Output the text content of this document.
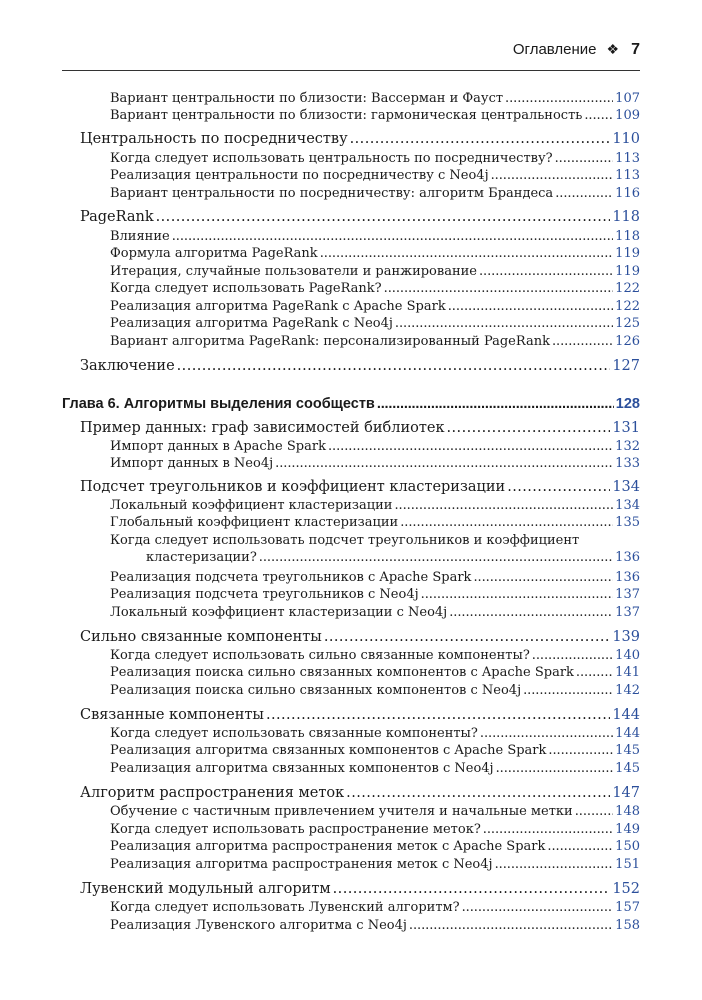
Оглавление ❖ 7
Вариант центральности по близости: Вассерман и Фауст . . .	107
Вариант центральности по близости: гармоническая центральность . . .	109
Центральность по посредничеству . . .	110
Когда следует использовать центральность по посредничеству? . . .	113
Реализация центральности по посредничеству с Neo4j . . .	113
Вариант центральности по посредничеству: алгоритм Брандеса . . .	116
PageRank . . .	118
Влияние . . .	118
Формула алгоритма PageRank . . .	119
Итерация, случайные пользователи и ранжирование . . .	119
Когда следует использовать PageRank? . . .	122
Реализация алгоритма PageRank с Apache Spark . . .	122
Реализация алгоритма PageRank с Neo4j . . .	125
Вариант алгоритма PageRank: персонализированный PageRank . . .	126
Заключение . . .	127
Глава 6. Алгоритмы выделения сообществ . . .	128
Пример данных: граф зависимостей библиотек . . .	131
Импорт данных в Apache Spark . . .	132
Импорт данных в Neo4j . . .	133
Подсчет треугольников и коэффициент кластеризации . . .	134
Локальный коэффициент кластеризации . . .	134
Глобальный коэффициент кластеризации . . .	135
Когда следует использовать подсчет треугольников и коэффициент
кластеризации? . . .	136
Реализация подсчета треугольников с Apache Spark . . .	136
Реализация подсчета треугольников с Neo4j . . .	137
Локальный коэффициент кластеризации с Neo4j . . .	137
Сильно связанные компоненты . . .	139
Когда следует использовать сильно связанные компоненты? . . .	140
Реализация поиска сильно связанных компонентов с Apache Spark . . .	141
Реализация поиска сильно связанных компонентов с Neo4j . . .	142
Связанные компоненты . . .	144
Когда следует использовать связанные компоненты? . . .	144
Реализация алгоритма связанных компонентов с Apache Spark . . .	145
Реализация алгоритма связанных компонентов с Neo4j . . .	145
Алгоритм распространения меток . . .	147
Обучение с частичным привлечением учителя и начальные метки . . .	148
Когда следует использовать распространение меток? . . .	149
Реализация алгоритма распространения меток с Apache Spark . . .	150
Реализация алгоритма распространения меток с Neo4j . . .	151
Лувенский модульный алгоритм . . .	152
Когда следует использовать Лувенский алгоритм? . . .	157
Реализация Лувенского алгоритма с Neo4j . . .	158
